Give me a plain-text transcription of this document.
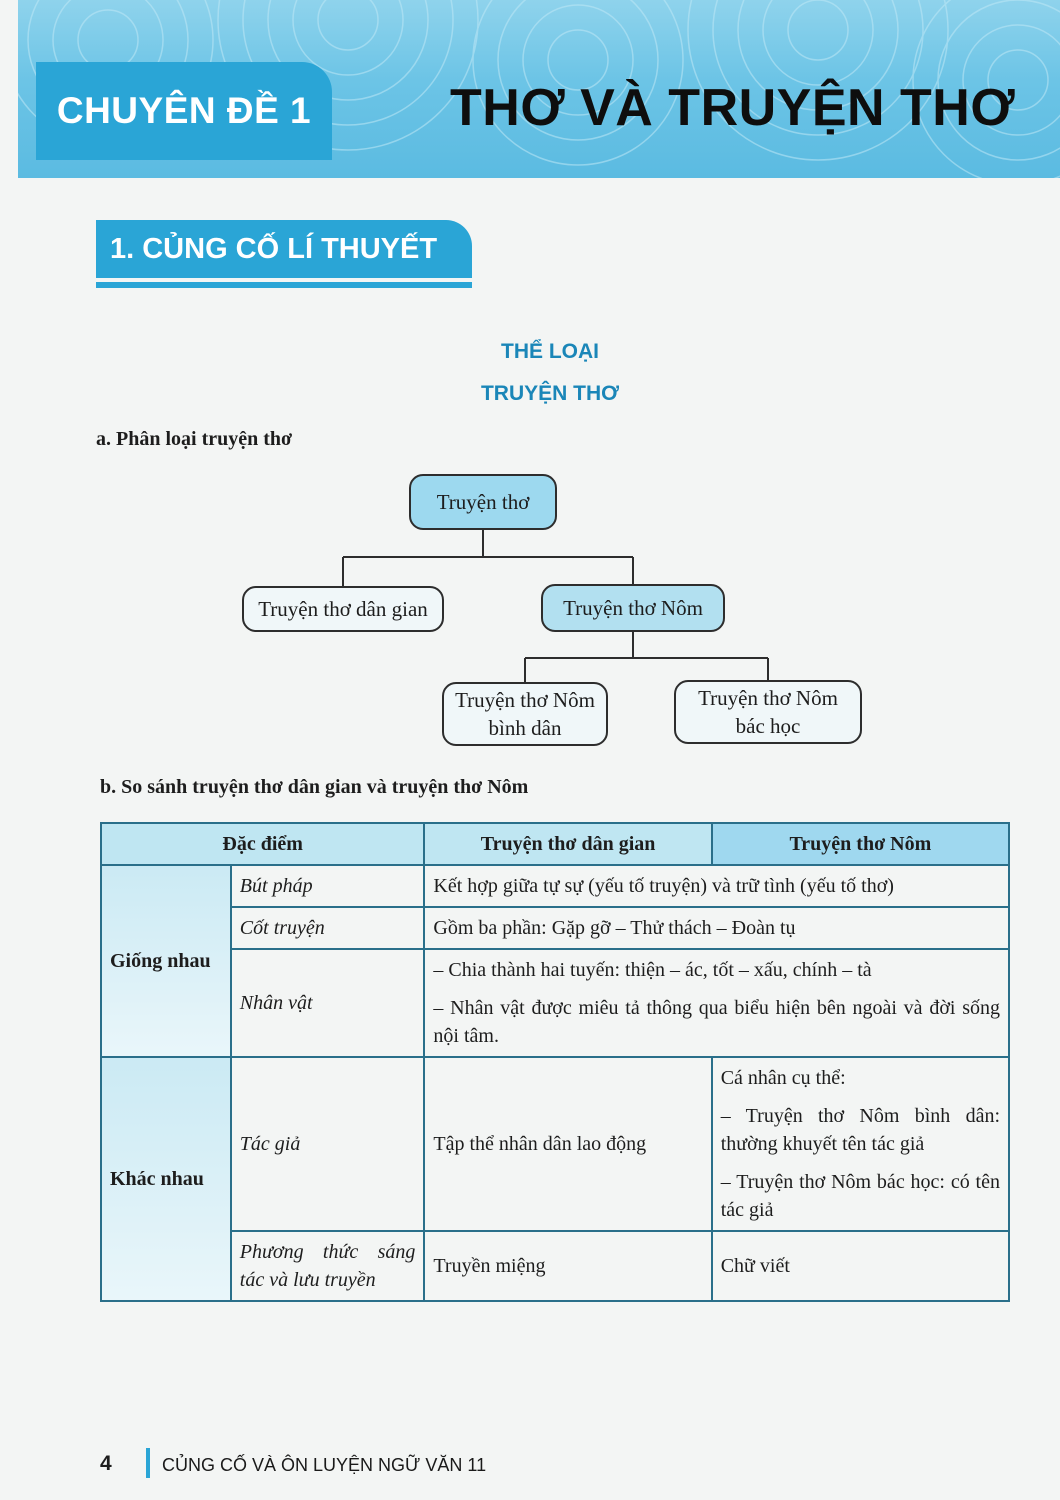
CHUYÊN ĐỀ 1	THƠ VÀ TRUYỆN THƠ
1. CỦNG CỐ LÍ THUYẾT
THỂ LOẠI
TRUYỆN THƠ
a. Phân loại truyện thơ
Truyện thơ
Truyện thơ dân gian	Truyện thơ Nôm
Truyện thơ Nôm
bình dân
Truyện thơ Nôm
bác học
b. So sánh truyện thơ dân gian và truyện thơ Nôm
Đặc điểm		Truyện thơ dân gian	Truyện thơ Nôm
Giống nhau	Bút pháp	Kết hợp giữa tự sự (yếu tố truyện) và trữ tình (yếu tố thơ)	
	Cốt truyện	Gồm ba phần: Gặp gỡ – Thử thách – Đoàn tụ	
	Nhân vật	– Chia thành hai tuyến: thiện – ác, tốt – xấu, chính – tà

– Nhân vật được miêu tả thông qua biểu hiện bên ngoài và đời sống nội tâm.	

Khác nhau	Tác giả	Tập thể nhân dân lao động	Cá nhân cụ thể:

– Truyện thơ Nôm bình dân: thường khuyết tên tác giả

– Truyện thơ Nôm bác học: có tên tác giả

	Phương thức sáng tác và lưu truyền	Truyền miệng	Chữ viết
4	CỦNG CỐ VÀ ÔN LUYỆN NGỮ VĂN 11
